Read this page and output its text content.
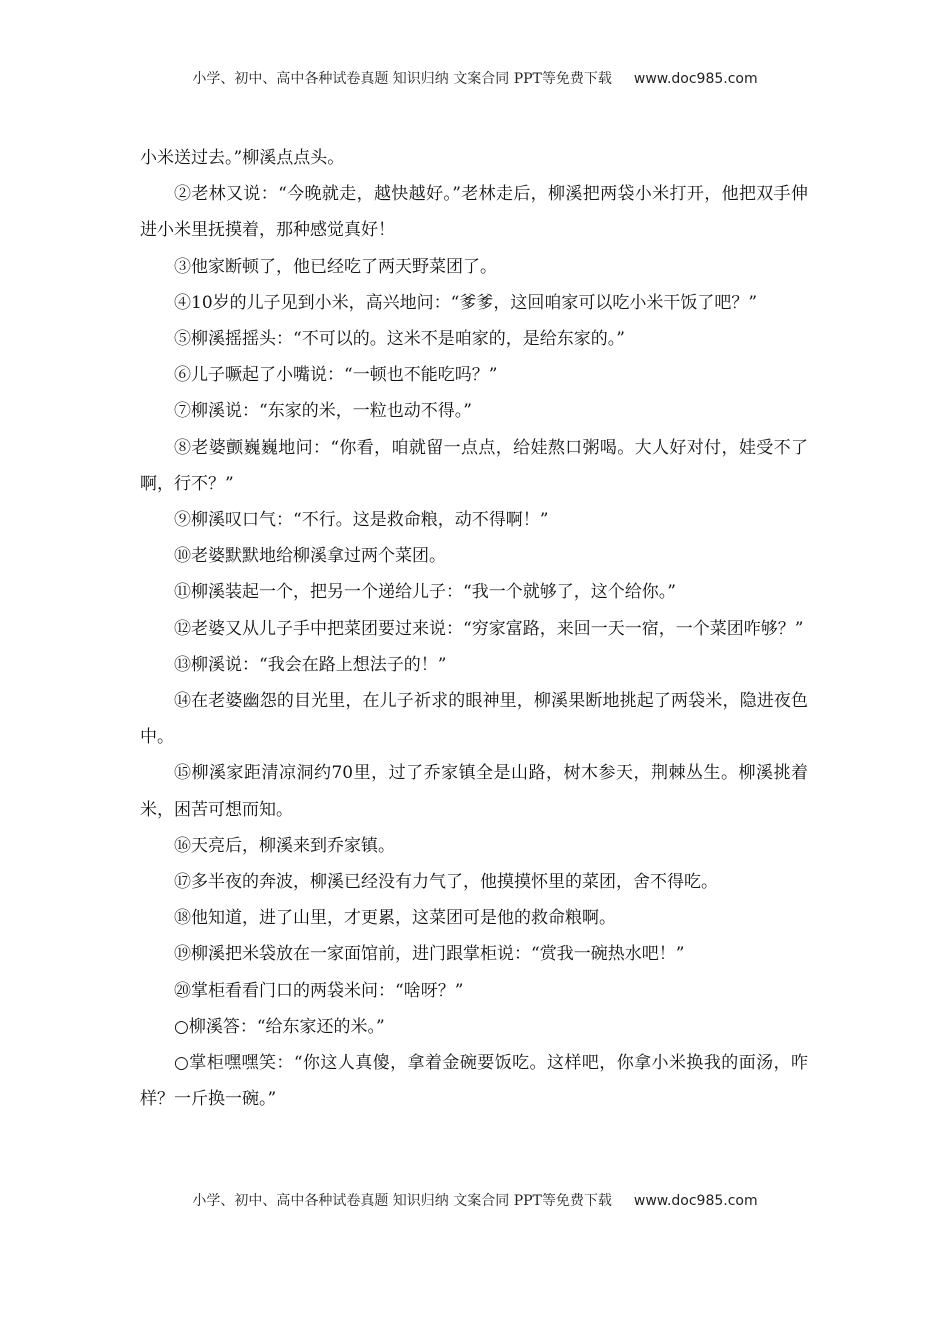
小学、初中、高中各种试卷真题 知识归纳 文案合同 PPT等免费下载 www.doc985.com

小米送过去。”柳溪点点头。

②老林又说：“今晚就走，越快越好。”老林走后，柳溪把两袋小米打开，他把双手伸进小米里抚摸着，那种感觉真好！

③他家断顿了，他已经吃了两天野菜团了。

④10岁的儿子见到小米，高兴地问：“爹爹，这回咱家可以吃小米干饭了吧？”

⑤柳溪摇摇头：“不可以的。这米不是咱家的，是给东家的。”

⑥儿子噘起了小嘴说：“一顿也不能吃吗？”

⑦柳溪说：“东家的米，一粒也动不得。”

⑧老婆颤巍巍地问：“你看，咱就留一点点，给娃熬口粥喝。大人好对付，娃受不了啊，行不？”

⑨柳溪叹口气：“不行。这是救命粮，动不得啊！”

⑩老婆默默地给柳溪拿过两个菜团。

⑪柳溪装起一个，把另一个递给儿子：“我一个就够了，这个给你。”

⑫老婆又从儿子手中把菜团要过来说：“穷家富路，来回一天一宿，一个菜团咋够？”

⑬柳溪说：“我会在路上想法子的！”

⑭在老婆幽怨的目光里，在儿子祈求的眼神里，柳溪果断地挑起了两袋米，隐进夜色中。

⑮柳溪家距清凉洞约70里，过了乔家镇全是山路，树木参天，荆棘丛生。柳溪挑着米，困苦可想而知。

⑯天亮后，柳溪来到乔家镇。

⑰多半夜的奔波，柳溪已经没有力气了，他摸摸怀里的菜团，舍不得吃。

⑱他知道，进了山里，才更累，这菜团可是他的救命粮啊。

⑲柳溪把米袋放在一家面馆前，进门跟掌柜说：“赏我一碗热水吧！”

⑳掌柜看看门口的两袋米问：“啥呀？”

○柳溪答：“给东家还的米。”

○掌柜嘿嘿笑：“你这人真傻，拿着金碗要饭吃。这样吧，你拿小米换我的面汤，咋样？一斤换一碗。”

小学、初中、高中各种试卷真题 知识归纳 文案合同 PPT等免费下载 www.doc985.com
